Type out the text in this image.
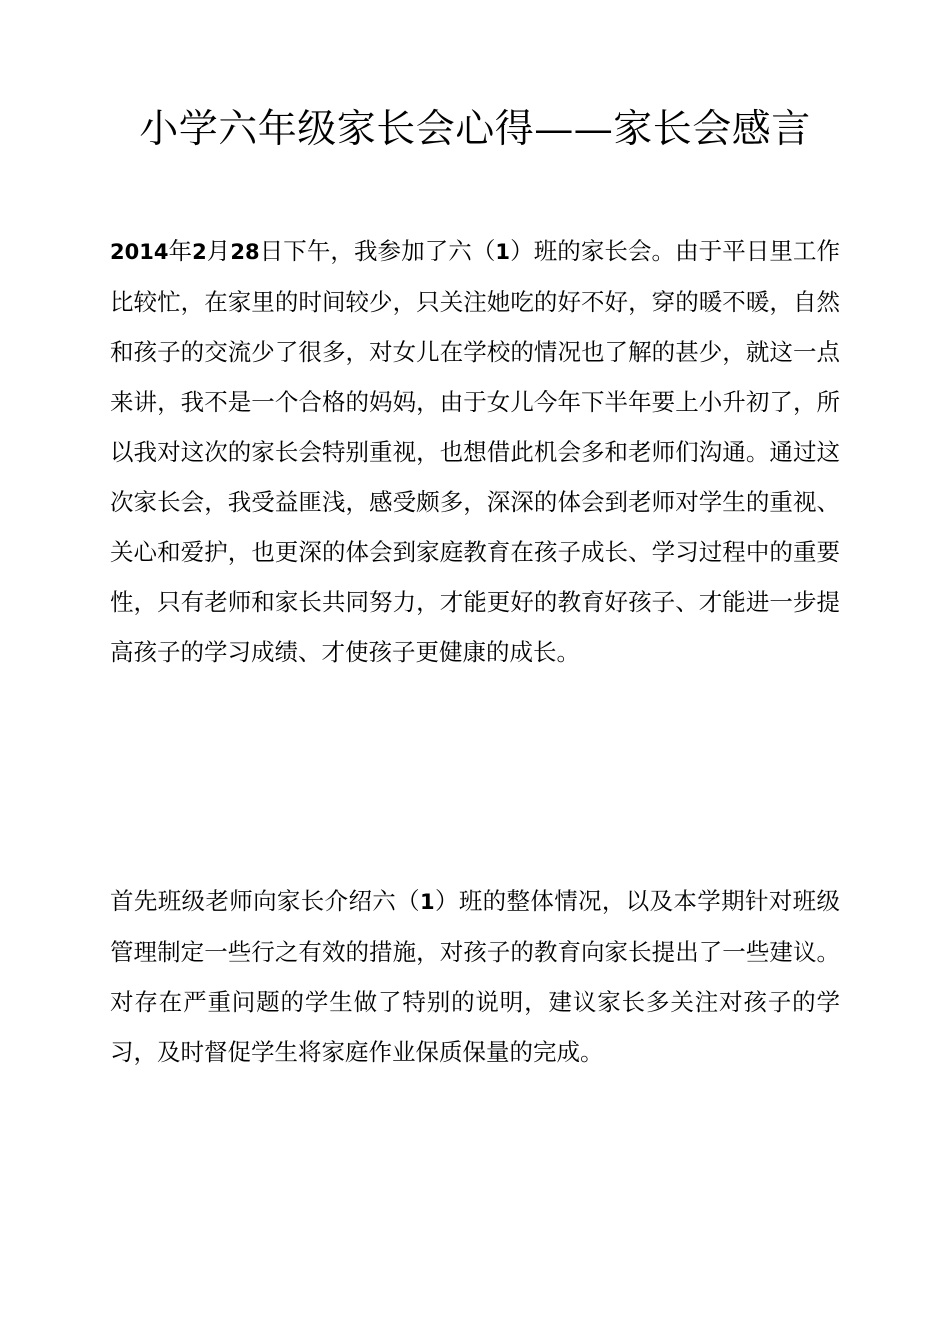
小学六年级家长会心得——家长会感言

2014年2月28日下午，我参加了六（1）班的家长会。由于平日里工作比较忙，在家里的时间较少，只关注她吃的好不好，穿的暖不暖，自然和孩子的交流少了很多，对女儿在学校的情况也了解的甚少，就这一点来讲，我不是一个合格的妈妈，由于女儿今年下半年要上小升初了，所以我对这次的家长会特别重视，也想借此机会多和老师们沟通。通过这次家长会，我受益匪浅，感受颇多，深深的体会到老师对学生的重视、关心和爱护，也更深的体会到家庭教育在孩子成长、学习过程中的重要性，只有老师和家长共同努力，才能更好的教育好孩子、才能进一步提高孩子的学习成绩、才使孩子更健康的成长。

首先班级老师向家长介绍六（1）班的整体情况，以及本学期针对班级管理制定一些行之有效的措施，对孩子的教育向家长提出了一些建议。对存在严重问题的学生做了特别的说明，建议家长多关注对孩子的学习，及时督促学生将家庭作业保质保量的完成。
